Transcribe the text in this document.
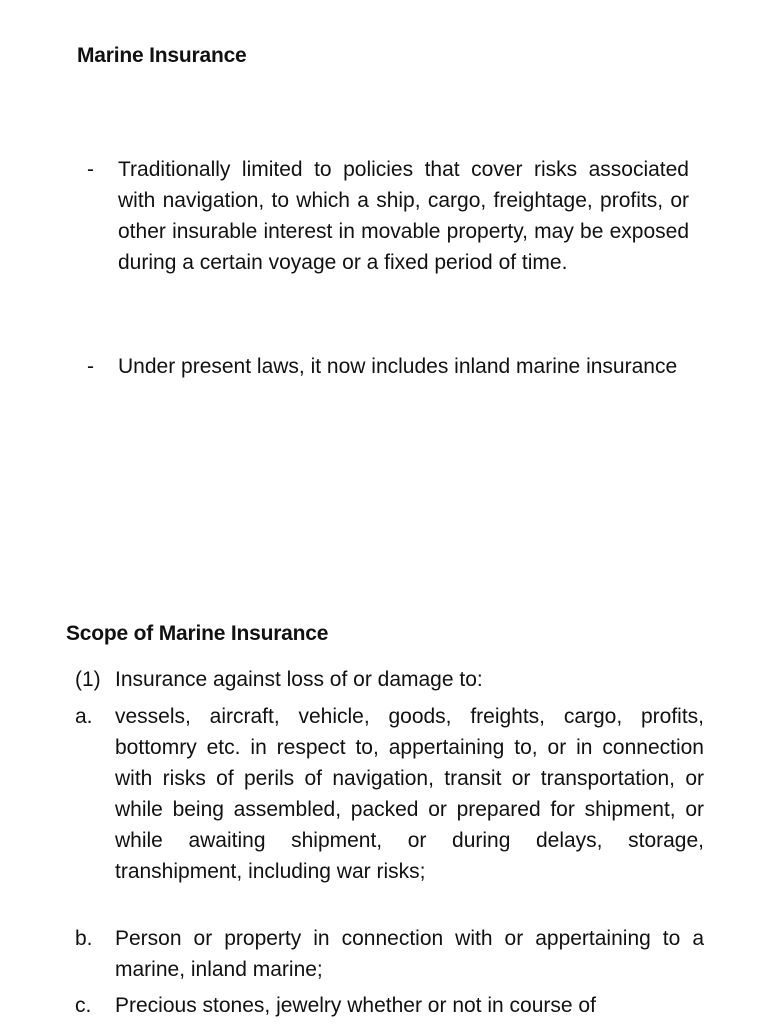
Marine Insurance
-	Traditionally limited to policies that cover risks associated with navigation, to which a ship, cargo, freightage, profits, or other insurable interest in movable property, may be exposed during a certain voyage or a fixed period of time.
-	Under present laws, it now includes inland marine insurance
Scope of Marine Insurance
(1) Insurance against loss of or damage to:
a.	vessels, aircraft, vehicle, goods, freights, cargo, profits, bottomry etc. in respect to, appertaining to, or in connection with risks of perils of navigation, transit or transportation, or while being assembled, packed or prepared for shipment, or while awaiting shipment, or during delays, storage, transhipment, including war risks;
b.	Person or property in connection with or appertaining to a marine, inland marine;
c.	Precious stones, jewelry whether or not in course of
